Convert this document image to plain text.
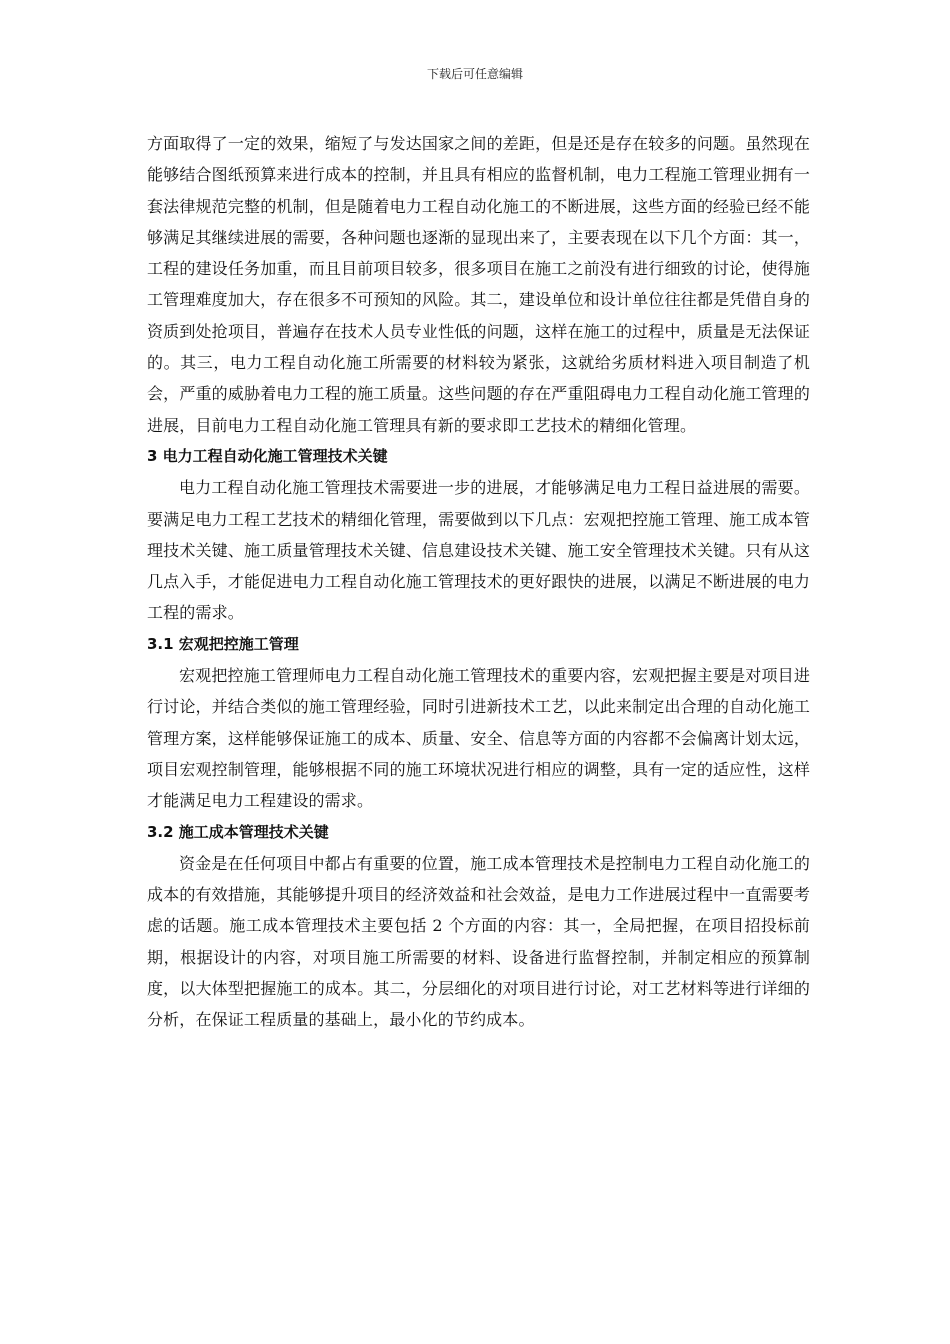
下载后可任意编辑

方面取得了一定的效果，缩短了与发达国家之间的差距，但是还是存在较多的问题。虽然现在能够结合图纸预算来进行成本的控制，并且具有相应的监督机制，电力工程施工管理业拥有一套法律规范完整的机制，但是随着电力工程自动化施工的不断进展，这些方面的经验已经不能够满足其继续进展的需要，各种问题也逐渐的显现出来了，主要表现在以下几个方面：其一，工程的建设任务加重，而且目前项目较多，很多项目在施工之前没有进行细致的讨论，使得施工管理难度加大，存在很多不可预知的风险。其二，建设单位和设计单位往往都是凭借自身的资质到处抢项目，普遍存在技术人员专业性低的问题，这样在施工的过程中，质量是无法保证的。其三，电力工程自动化施工所需要的材料较为紧张，这就给劣质材料进入项目制造了机会，严重的威胁着电力工程的施工质量。这些问题的存在严重阻碍电力工程自动化施工管理的进展，目前电力工程自动化施工管理具有新的要求即工艺技术的精细化管理。

3 电力工程自动化施工管理技术关键

电力工程自动化施工管理技术需要进一步的进展，才能够满足电力工程日益进展的需要。要满足电力工程工艺技术的精细化管理，需要做到以下几点：宏观把控施工管理、施工成本管理技术关键、施工质量管理技术关键、信息建设技术关键、施工安全管理技术关键。只有从这几点入手，才能促进电力工程自动化施工管理技术的更好跟快的进展，以满足不断进展的电力工程的需求。

3.1 宏观把控施工管理

宏观把控施工管理师电力工程自动化施工管理技术的重要内容，宏观把握主要是对项目进行讨论，并结合类似的施工管理经验，同时引进新技术工艺，以此来制定出合理的自动化施工管理方案，这样能够保证施工的成本、质量、安全、信息等方面的内容都不会偏离计划太远，项目宏观控制管理，能够根据不同的施工环境状况进行相应的调整，具有一定的适应性，这样才能满足电力工程建设的需求。

3.2 施工成本管理技术关键

资金是在任何项目中都占有重要的位置，施工成本管理技术是控制电力工程自动化施工的成本的有效措施，其能够提升项目的经济效益和社会效益，是电力工作进展过程中一直需要考虑的话题。施工成本管理技术主要包括 2 个方面的内容：其一，全局把握，在项目招投标前期，根据设计的内容，对项目施工所需要的材料、设备进行监督控制，并制定相应的预算制度，以大体型把握施工的成本。其二，分层细化的对项目进行讨论，对工艺材料等进行详细的分析，在保证工程质量的基础上，最小化的节约成本。
